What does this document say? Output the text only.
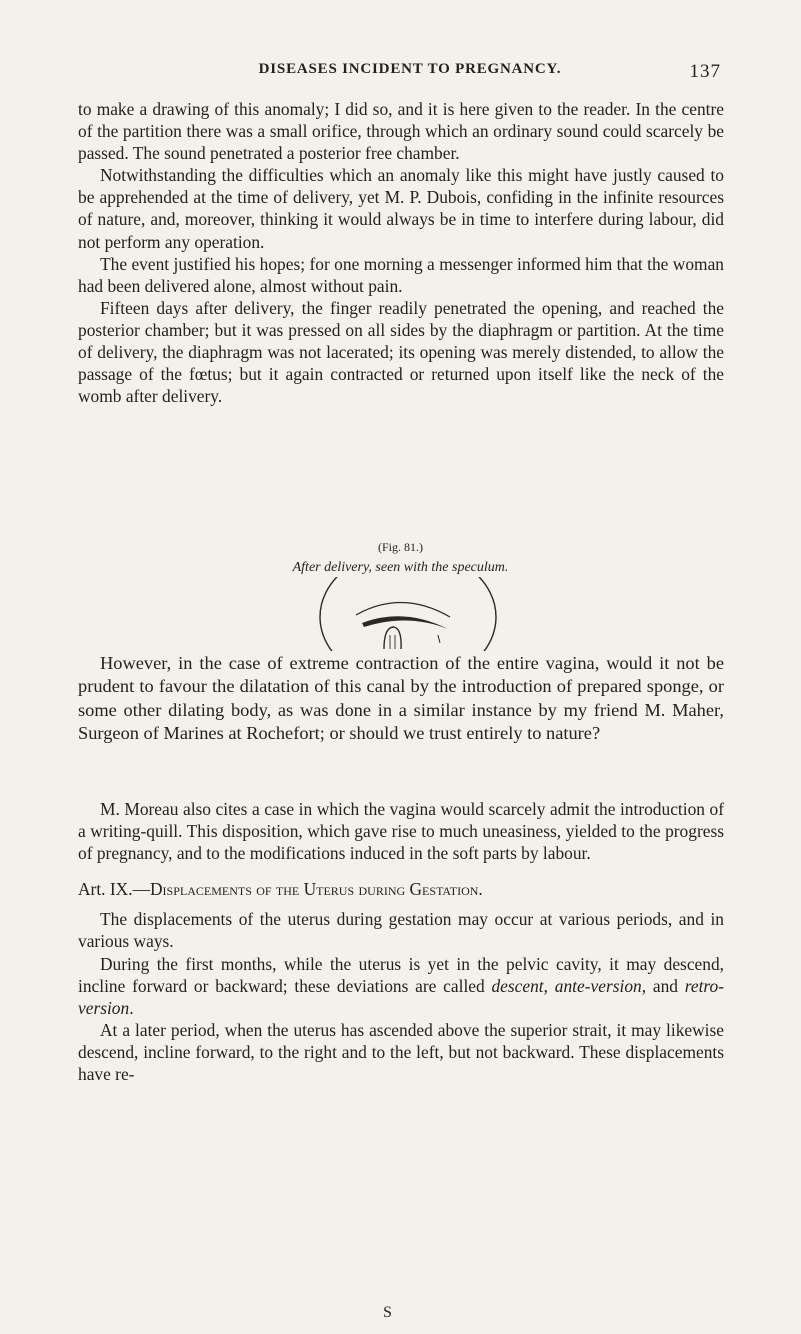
DISEASES INCIDENT TO PREGNANCY.	137

to make a drawing of this anomaly; I did so, and it is here given to the reader. In the centre of the partition there was a small orifice, through which an ordinary sound could scarcely be passed. The sound penetrated a posterior free chamber.

Notwithstanding the difficulties which an anomaly like this might have justly caused to be apprehended at the time of delivery, yet M. P. Dubois, confiding in the infinite resources of nature, and, moreover, thinking it would always be in time to interfere during labour, did not perform any operation.

The event justified his hopes; for one morning a messenger informed him that the woman had been delivered alone, almost without pain.

Fifteen days after delivery, the finger readily penetrated the opening, and reached the posterior chamber; but it was pressed on all sides by the diaphragm or partition. At the time of delivery, the diaphragm was not lacerated; its opening was merely distended, to allow the passage of the fœtus; but it again contracted or returned upon itself like the neck of the womb after delivery.

(Fig. 81.)
After delivery, seen with the speculum.

However, in the case of extreme contraction of the entire vagina, would it not be prudent to favour the dilatation of this canal by the introduction of prepared sponge, or some other dilating body, as was done in a similar instance by my friend M. Maher, Surgeon of Marines at Rochefort; or should we trust entirely to nature?

M. Moreau also cites a case in which the vagina would scarcely admit the introduction of a writing-quill. This disposition, which gave rise to much uneasiness, yielded to the progress of pregnancy, and to the modifications induced in the soft parts by labour.

Art. IX.—Displacements of the Uterus during Gestation.

The displacements of the uterus during gestation may occur at various periods, and in various ways.

During the first months, while the uterus is yet in the pelvic cavity, it may descend, incline forward or backward; these deviations are called descent, ante-version, and retro-version.

At a later period, when the uterus has ascended above the superior strait, it may likewise descend, incline forward, to the right and to the left, but not backward. These displacements have re-

S
